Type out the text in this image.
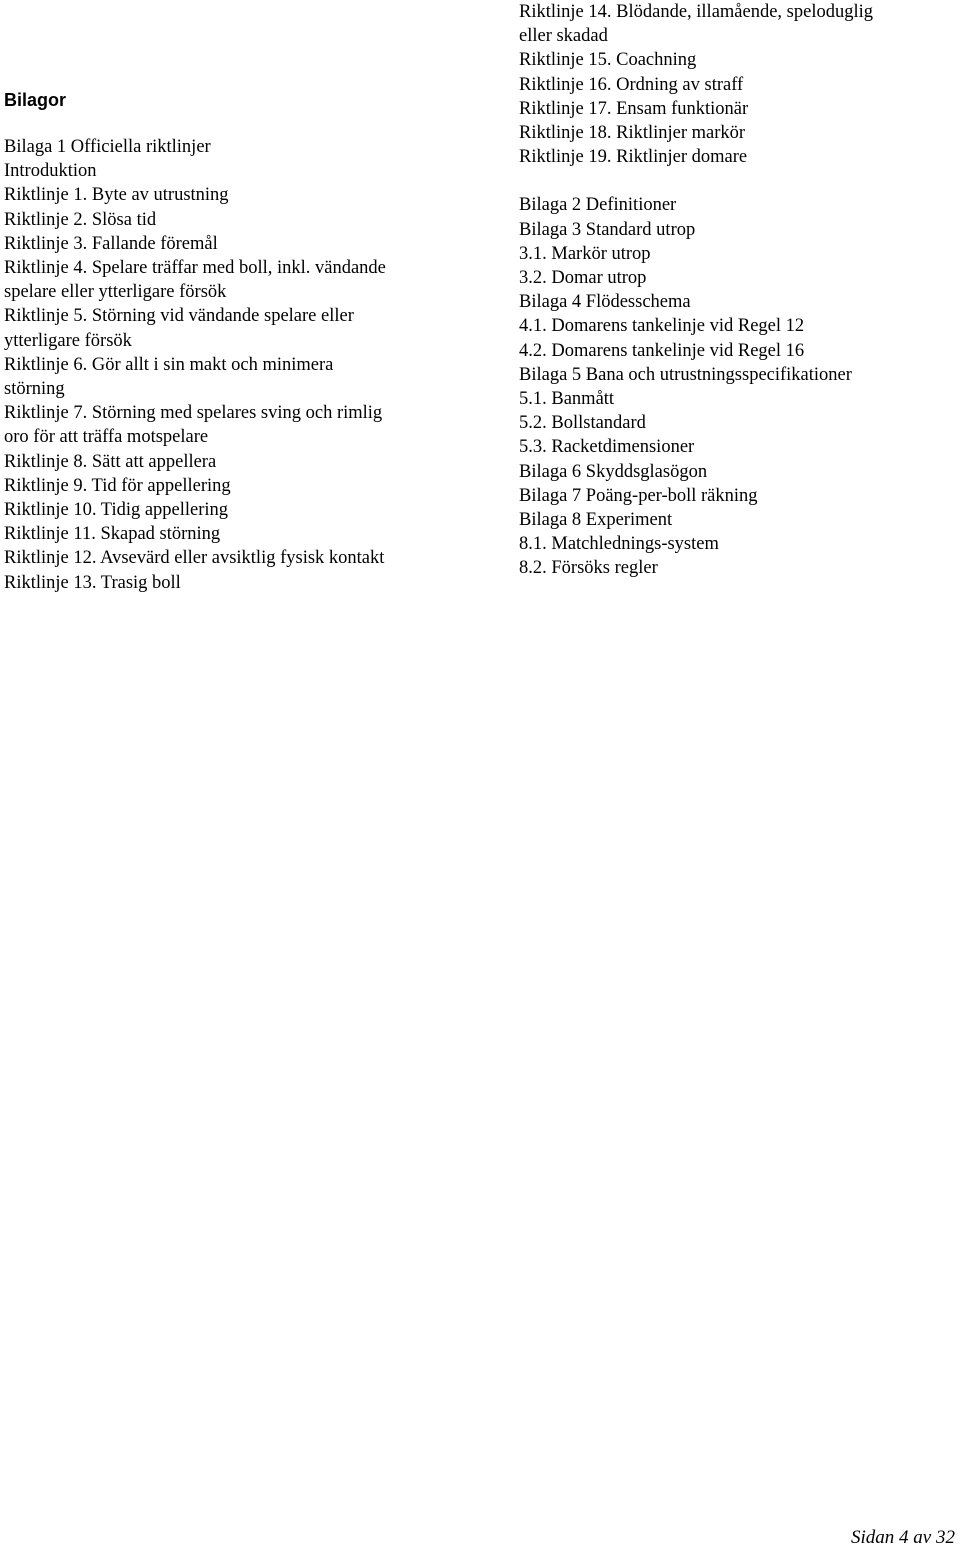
Bilagor
Bilaga 1 Officiella riktlinjer
Introduktion
Riktlinje 1. Byte av utrustning
Riktlinje 2. Slösa tid
Riktlinje 3. Fallande föremål
Riktlinje 4. Spelare träffar med boll, inkl. vändande
spelare eller ytterligare försök
Riktlinje 5. Störning vid vändande spelare eller
ytterligare försök
Riktlinje 6. Gör allt i sin makt och minimera
störning
Riktlinje 7. Störning med spelares sving och rimlig
oro för att träffa motspelare
Riktlinje 8. Sätt att appellera
Riktlinje 9. Tid för appellering
Riktlinje 10. Tidig appellering
Riktlinje 11. Skapad störning
Riktlinje 12. Avsevärd eller avsiktlig fysisk kontakt
Riktlinje 13. Trasig boll
Riktlinje 14. Blödande, illamående, speloduglig
eller skadad
Riktlinje 15. Coachning
Riktlinje 16. Ordning av straff
Riktlinje 17. Ensam funktionär
Riktlinje 18. Riktlinjer markör
Riktlinje 19. Riktlinjer domare
Bilaga 2 Definitioner
Bilaga 3 Standard utrop
3.1. Markör utrop
3.2. Domar utrop
Bilaga 4 Flödesschema
4.1. Domarens tankelinje vid Regel 12
4.2. Domarens tankelinje vid Regel 16
Bilaga 5 Bana och utrustningsspecifikationer
5.1. Banmått
5.2. Bollstandard
5.3. Racketdimensioner
Bilaga 6 Skyddsglasögon
Bilaga 7 Poäng-per-boll räkning
Bilaga 8 Experiment
8.1. Matchlednings-system
8.2. Försöks regler
Sidan 4 av 32
